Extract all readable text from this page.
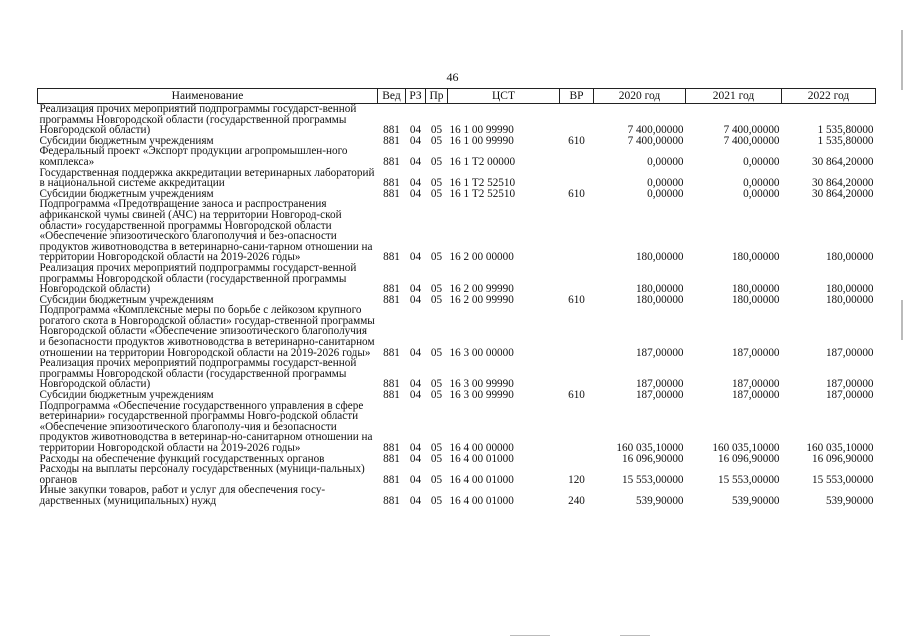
46
Наименование	Вед	РЗ	Пр	ЦСТ	ВР	2020 год	2021 год	2022 год
Реализация прочих мероприятий подпрограммы государст-венной программы Новгородской области (государственной программы Новгородской области)	881	04	05	16 1 00 99990		7 400,00000	7 400,00000	1 535,80000
Субсидии бюджетным учреждениям	881	04	05	16 1 00 99990	610	7 400,00000	7 400,00000	1 535,80000
Федеральный проект «Экспорт продукции агропромышлен-ного комплекса»	881	04	05	16 1 Т2 00000		0,00000	0,00000	30 864,20000
Государственная поддержка аккредитации ветеринарных лабораторий в национальной системе аккредитации	881	04	05	16 1 Т2 52510		0,00000	0,00000	30 864,20000
Субсидии бюджетным учреждениям	881	04	05	16 1 Т2 52510	610	0,00000	0,00000	30 864,20000
Подпрограмма «Предотвращение заноса и распространения африканской чумы свиней (АЧС) на территории Новгород-ской области» государственной программы Новгородской области «Обеспечение эпизоотического благополучия и без-опасности продуктов животноводства в ветеринарно-сани-тарном отношении на территории Новгородской области на 2019-2026 годы»	881	04	05	16 2 00 00000		180,00000	180,00000	180,00000
Реализация прочих мероприятий подпрограммы государст-венной программы Новгородской области (государственной программы Новгородской области)	881	04	05	16 2 00 99990		180,00000	180,00000	180,00000
Субсидии бюджетным учреждениям	881	04	05	16 2 00 99990	610	180,00000	180,00000	180,00000
Подпрограмма «Комплексные меры по борьбе с лейкозом крупного рогатого скота в Новгородской области» государ-ственной программы Новгородской области «Обеспечение эпизоотического благополучия и безопасности продуктов животноводства в ветеринарно-санитарном отношении на территории Новгородской области на 2019-2026 годы»	881	04	05	16 3 00 00000		187,00000	187,00000	187,00000
Реализация прочих мероприятий подпрограммы государст-венной программы Новгородской области (государственной программы Новгородской области)	881	04	05	16 3 00 99990		187,00000	187,00000	187,00000
Субсидии бюджетным учреждениям	881	04	05	16 3 00 99990	610	187,00000	187,00000	187,00000
Подпрограмма «Обеспечение государственного управления в сфере ветеринарии» государственной программы Новго-родской области «Обеспечение эпизоотического благополу-чия и безопасности продуктов животноводства в ветеринар-но-санитарном отношении на территории Новгородской области на 2019-2026 годы»	881	04	05	16 4 00 00000		160 035,10000	160 035,10000	160 035,10000
Расходы на обеспечение функций государственных органов	881	04	05	16 4 00 01000		16 096,90000	16 096,90000	16 096,90000
Расходы на выплаты персоналу государственных (муници-пальных) органов	881	04	05	16 4 00 01000	120	15 553,00000	15 553,00000	15 553,00000
Иные закупки товаров, работ и услуг для обеспечения госу-дарственных (муниципальных) нужд	881	04	05	16 4 00 01000	240	539,90000	539,90000	539,90000
